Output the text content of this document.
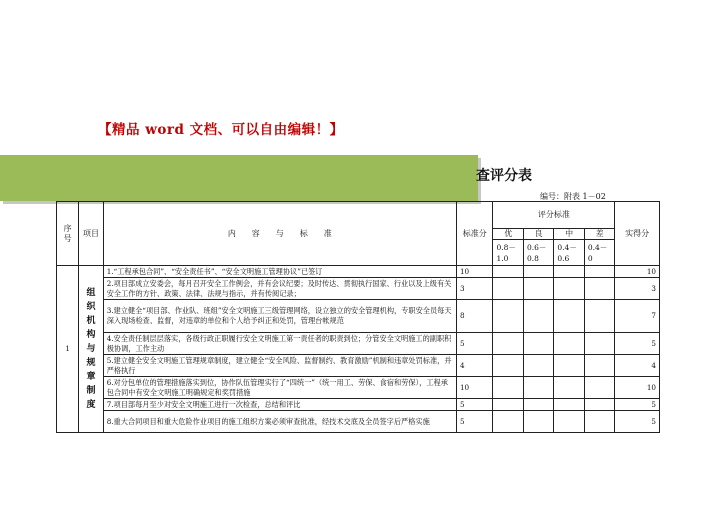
【精品 word 文档、可以自由编辑！】
查评分表
编号：附表 1－02
序号	项目	内　　容　　与　　标　　准	标准分	评分标准				实得分
				优	良	中	差	
				0.8－1.0	0.6－0.8	0.4－0.6	0.4－0	
1	组织机构与规章制度	1.“工程承包合同”、“安全责任书”、“安全文明施工管理协议”已签订	10					10
		2.项目部成立安委会，每月召开安全工作例会，并有会议纪要；及时传达、贯彻执行国家、行业以及上级有关安全工作的方针、政策、法律、法规与指示，并有传阅记录；	3					3
		3.建立健全“项目部、作业队、班组”安全文明施工三级管理网络，设立独立的安全管理机构，专职安全员每天深入现场检查、监督，对违章的单位和个人给予纠正和处罚，管理台帐规范	8					7
		4.安全责任制层层落实，各级行政正职履行安全文明施工第一责任者的职责到位；分管安全文明施工的副职积极协调，工作主动	5					5
		5.建立健全安全文明施工管理规章制度，建立健全“安全风险、监督制约、教育激励”机制和违章处罚标准，并严格执行	4					4
		6.对分包单位的管理措施落实到位，协作队伍管理实行了“四统一”（统一用工、劳保、食宿和劳保），工程承包合同中有安全文明施工明确规定和奖罚措施	10					10
		7.项目部每月至少对安全文明施工进行一次检查，总结和评比	5					5
		8.重大合同项目和重大危险作业项目的施工组织方案必须审查批准，经技术交底及全员签字后严格实施	5					5
